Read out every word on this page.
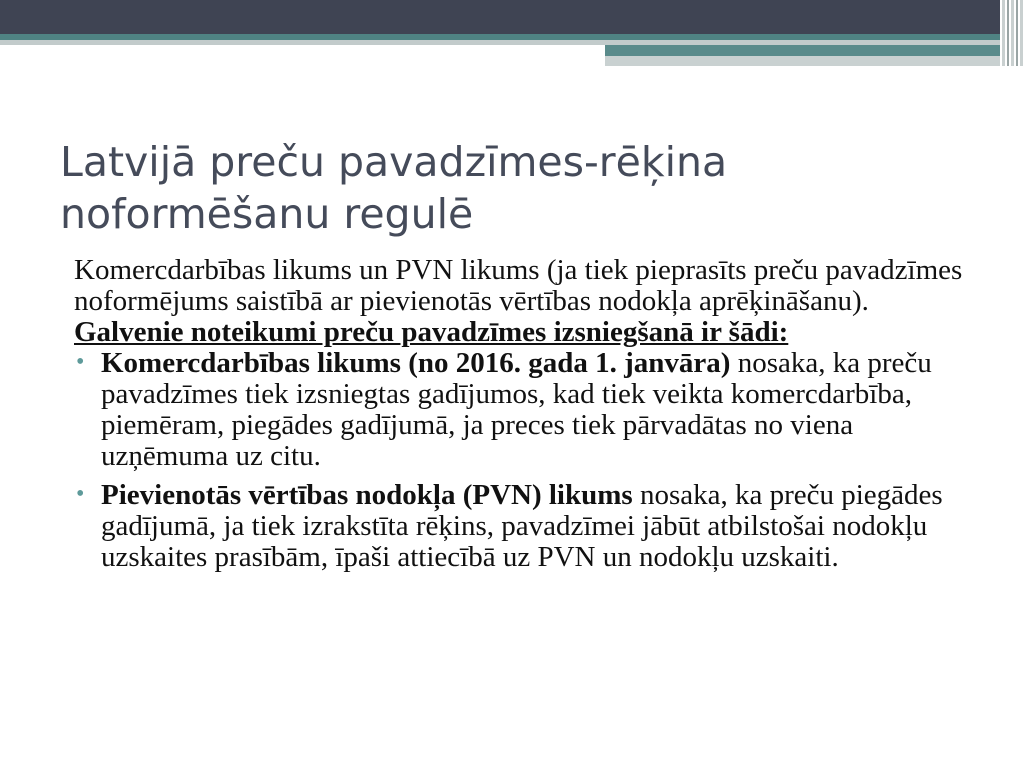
Latvijā preču pavadzīmes-rēķina
noformēšanu regulē

Komercdarbības likums un PVN likums (ja tiek pieprasīts preču pavadzīmes noformējums saistībā ar pievienotās vērtības nodokļa aprēķināšanu).

Galvenie noteikumi preču pavadzīmes izsniegšanā ir šādi:

• Komercdarbības likums (no 2016. gada 1. janvāra) nosaka, ka preču pavadzīmes tiek izsniegtas gadījumos, kad tiek veikta komercdarbība, piemēram, piegādes gadījumā, ja preces tiek pārvadātas no viena uzņēmuma uz citu.
• Pievienotās vērtības nodokļa (PVN) likums nosaka, ka preču piegādes gadījumā, ja tiek izrakstīta rēķins, pavadzīmei jābūt atbilstošai nodokļu uzskaites prasībām, īpaši attiecībā uz PVN un nodokļu uzskaiti.
